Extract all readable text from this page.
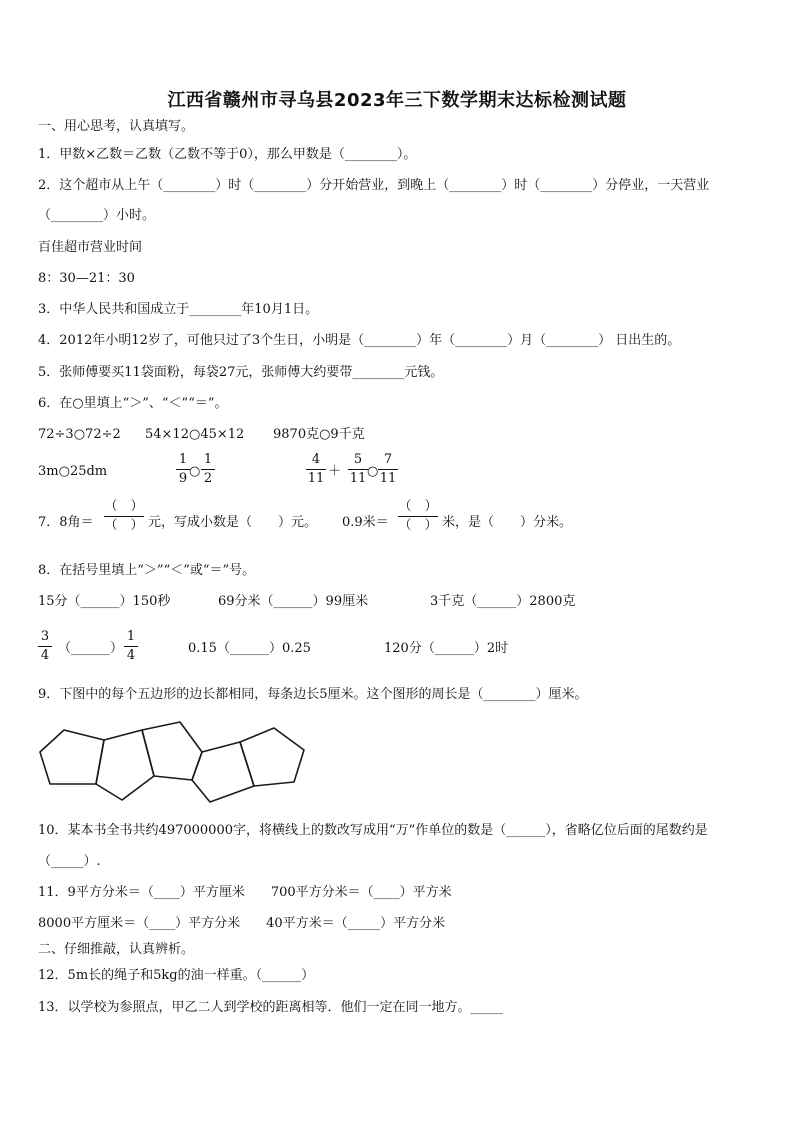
江西省赣州市寻乌县2023年三下数学期末达标检测试题
一、用心思考，认真填写。
1．甲数×乙数＝乙数（乙数不等于0），那么甲数是（________）。
2．这个超市从上午（________）时（________）分开始营业，到晚上（________）时（________）分停业，一天营业
（________）小时。
百佳超市营业时间
8：30—21：30
3．中华人民共和国成立于________年10月1日。
4．2012年小明12岁了，可他只过了3个生日，小明是（________）年（________）月（________） 日出生的。
5．张师傅要买11袋面粉，每袋27元，张师傅大约要带________元钱。
6．在○里填上“＞”、“＜”“＝”。
72÷3○72÷2 54×12○45×12 9870克○9千克
3m○25dm
1
9 ○
1
2
4
11 ＋
5
11 ○
7
11
7．8角＝
（　）
（　） 元，写成小数是（　　）元。 0.9米＝
（　）
（　） 米，是（　　）分米。
8．在括号里填上“＞”“＜”或“＝”号。
15分（______）150秒	69分米（______）99厘米	3千克（______）2800克
3
4 （______）
1
4	0.15（______）0.25	120分（______）2时
9．下图中的每个五边形的边长都相同，每条边长5厘米。这个图形的周长是（________）厘米。
10．某本书全书共约497000000字，将横线上的数改写成用“万”作单位的数是（______），省略亿位后面的尾数约是
（_____）.
11．9平方分米＝（____）平方厘米　　700平方分米＝（____）平方米
8000平方厘米＝（____）平方分米　　40平方米＝（_____）平方分米
二、仔细推敲，认真辨析。
12．5m长的绳子和5kg的油一样重。（______）
13．以学校为参照点，甲乙二人到学校的距离相等．他们一定在同一地方。_____
